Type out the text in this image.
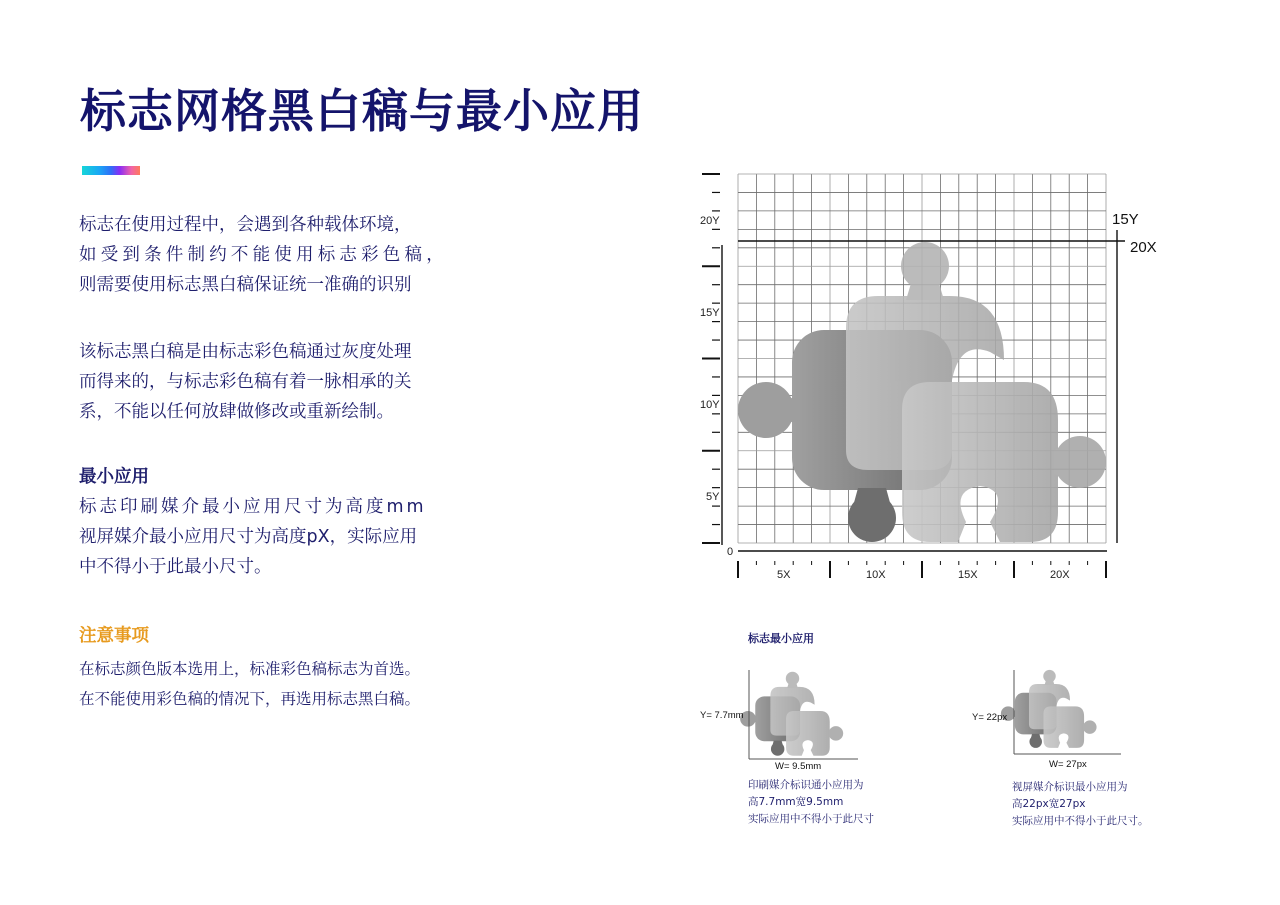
标志网格黑白稿与最小应用

标志在使用过程中，会遇到各种载体环境，

如受到条件制约不能使用标志彩色稿，

则需要使用标志黑白稿保证统一准确的识别

该标志黑白稿是由标志彩色稿通过灰度处理

而得来的，与标志彩色稿有着一脉相承的关

系，不能以任何放肆做修改或重新绘制。

最小应用

标志印刷媒介最小应用尺寸为高度mm

视屏媒介最小应用尺寸为高度pX，实际应用

中不得小于此最小尺寸。

注意事项

在标志颜色版本选用上，标准彩色稿标志为首选。

在不能使用彩色稿的情况下，再选用标志黑白稿。

15Y
20X
20Y
15Y
10Y
5Y
0
5X	10X	15X	20X
标志最小应用
Y= 7.7mm
W= 9.5mm

印刷媒介标识通小应用为

高7.7mm宽9.5mm

实际应用中不得小于此尺寸

Y= 22px
W= 27px

视屏媒介标识最小应用为

高22px宽27px

实际应用中不得小于此尺寸。
